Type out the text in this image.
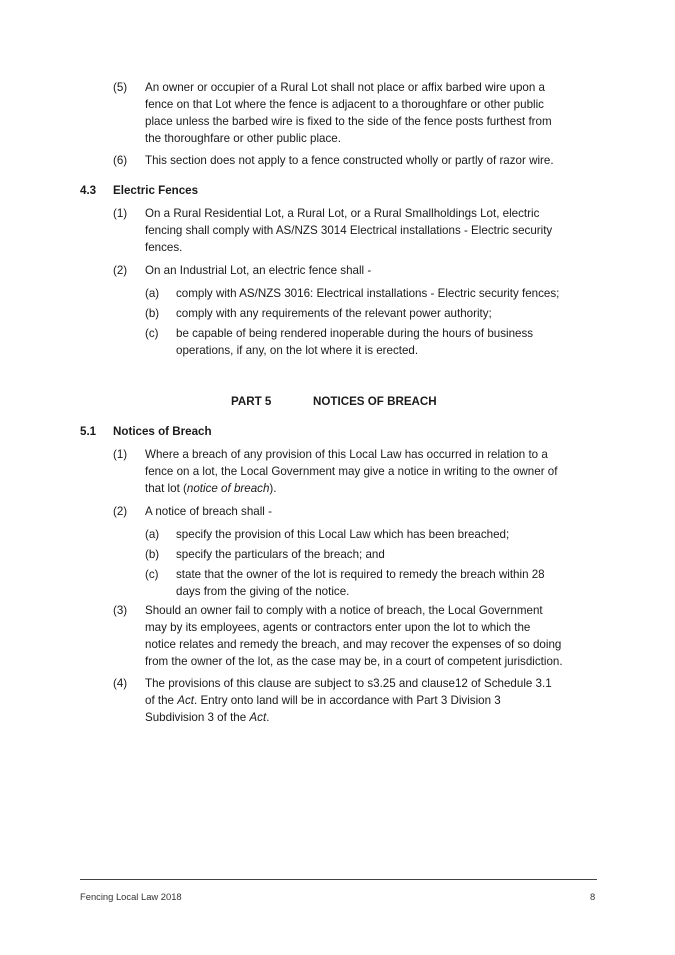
(5) An owner or occupier of a Rural Lot shall not place or affix barbed wire upon a
fence on that Lot where the fence is adjacent to a thoroughfare or other public
place unless the barbed wire is fixed to the side of the fence posts furthest from
the thoroughfare or other public place.
(6) This section does not apply to a fence constructed wholly or partly of razor wire.
4.3 Electric Fences
(1) On a Rural Residential Lot, a Rural Lot, or a Rural Smallholdings Lot, electric
fencing shall comply with AS/NZS 3014 Electrical installations - Electric security
fences.
(2) On an Industrial Lot, an electric fence shall -
(a) comply with AS/NZS 3016: Electrical installations - Electric security fences;
(b) comply with any requirements of the relevant power authority;
(c) be capable of being rendered inoperable during the hours of business
operations, if any, on the lot where it is erected.
PART 5	NOTICES OF BREACH
5.1 Notices of Breach
(1) Where a breach of any provision of this Local Law has occurred in relation to a
fence on a lot, the Local Government may give a notice in writing to the owner of
that lot (notice of breach).
(2) A notice of breach shall -
(a) specify the provision of this Local Law which has been breached;
(b) specify the particulars of the breach; and
(c) state that the owner of the lot is required to remedy the breach within 28
days from the giving of the notice.
(3) Should an owner fail to comply with a notice of breach, the Local Government
may by its employees, agents or contractors enter upon the lot to which the
notice relates and remedy the breach, and may recover the expenses of so doing
from the owner of the lot, as the case may be, in a court of competent jurisdiction.
(4) The provisions of this clause are subject to s3.25 and clause12 of Schedule 3.1
of the Act. Entry onto land will be in accordance with Part 3 Division 3
Subdivision 3 of the Act.
Fencing Local Law 2018	8
